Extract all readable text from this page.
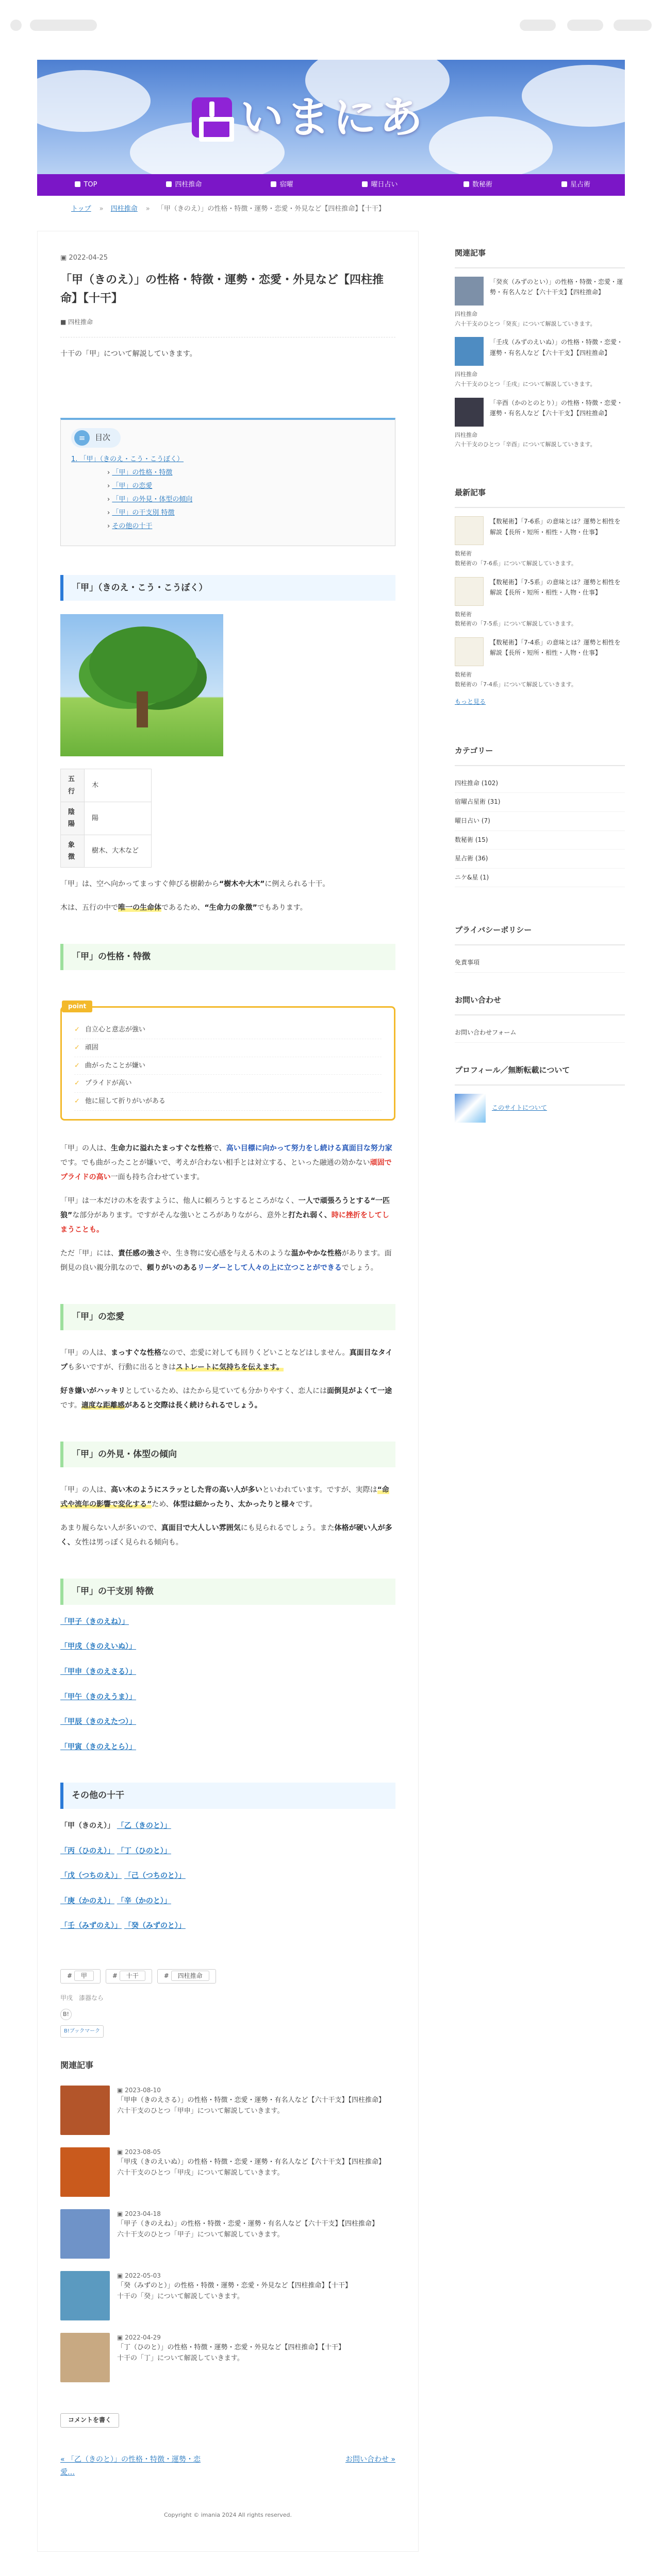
いまにあ
TOP	四柱推命	宿曜	曜日占い	数秘術	星占術
トップ » 四柱推命 » 「甲（きのえ）」の性格・特徴・運勢・恋愛・外見など【四柱推命】【十干】
▣ 2022-04-25
「甲（きのえ）」の性格・特徴・運勢・恋愛・外見など【四柱推命】【十干】
■ 四柱推命

十干の「甲」について解説していきます。

≡	目次
1. 「甲」（きのえ・こう・こうぼく）
› 「甲」の性格・特徴
› 「甲」の恋愛
› 「甲」の外見・体型の傾向
› 「甲」の干支別 特徴
› その他の十干
「甲」（きのえ・こう・こうぼく）
五行	木
陰陽	陽
象徴	樹木、大木など

「甲」は、空へ向かってまっすぐ伸びる樹齢から“樹木や大木”に例えられる十干。

木は、五行の中で唯一の生命体であるため、“生命力の象徴”でもあります。

「甲」の性格・特徴
point
✓ 自立心と意志が強い
✓ 頑固
✓ 曲がったことが嫌い
✓ プライドが高い
✓ 他に屈して折りがいがある

「甲」の人は、生命力に溢れたまっすぐな性格で、高い目標に向かって努力をし続ける真面目な努力家です。でも曲がったことが嫌いで、考えが合わない相手とは対立する、といった融通の効かない頑固でプライドの高い一面も持ち合わせています。

「甲」は一本だけの木を表すように、他人に頼ろうとするところがなく、一人で頑張ろうとする“一匹狼”な部分があります。ですがそんな強いところがありながら、意外と打たれ弱く、時に挫折をしてしまうことも。

ただ「甲」には、責任感の強さや、生き物に安心感を与える木のような温かやかな性格があります。面倒見の良い親分肌なので、頼りがいのあるリーダーとして人々の上に立つことができるでしょう。

「甲」の恋愛

「甲」の人は、まっすぐな性格なので、恋愛に対しても回りくどいことなどはしません。真面目なタイプも多いですが、行動に出るときはストレートに気持ちを伝えます。

好き嫌いがハッキリとしているため、はたから見ていても分かりやすく、恋人には面倒見がよくて一途です。適度な距離感があると交際は長く続けられるでしょう。

「甲」の外見・体型の傾向

「甲」の人は、高い木のようにスラッとした背の高い人が多いといわれています。ですが、実際は“命式や流年の影響で変化する”ため、体型は細かったり、太かったりと様々です。

あまり履らない人が多いので、真面目で大人しい雰囲気にも見られるでしょう。また体格が硬い人が多く、女性は男っぽく見られる傾向も。

「甲」の干支別 特徴
「甲子（きのえね）」
「甲戌（きのえいぬ）」
「甲申（きのえさる）」
「甲午（きのえうま）」
「甲辰（きのえたつ）」
「甲寅（きのえとら）」
その他の十干
「甲（きのえ）」 「乙（きのと）」
「丙（ひのえ）」 「丁（ひのと）」
「戊（つちのえ）」 「己（つちのと）」
「庚（かのえ）」 「辛（かのと）」
「壬（みずのえ）」 「癸（みずのと）」
# 甲	# 十干	# 四柱推命
甲戌　漆器なら
B!
B!ブックマーク
関連記事
▣ 2023-08-10
「甲申（きのえさる）」の性格・特徴・恋愛・運勢・有名人など【六十干支】【四柱推命】
六十干支のひとつ「甲申」について解説していきます。
▣ 2023-08-05
「甲戌（きのえいぬ）」の性格・特徴・恋愛・運勢・有名人など【六十干支】【四柱推命】
六十干支のひとつ「甲戌」について解説していきます。
▣ 2023-04-18
「甲子（きのえね）」の性格・特徴・恋愛・運勢・有名人など【六十干支】【四柱推命】
六十干支のひとつ「甲子」について解説していきます。
▣ 2022-05-03
「癸（みずのと）」の性格・特徴・運勢・恋愛・外見など【四柱推命】【十干】
十干の「癸」について解説していきます。
▣ 2022-04-29
「丁（ひのと）」の性格・特徴・運勢・恋愛・外見など【四柱推命】【十干】
十干の「丁」について解説していきます。
コメントを書く
« 「乙（きのと）」の性格・特徴・運勢・恋愛…
お問い合わせ »
Copyright © imania 2024 All rights reserved.
関連記事
「癸亥（みずのとい）」の性格・特徴・恋愛・運勢・有名人など【六十干支】【四柱推命】
四柱推命
六十干支のひとつ「癸亥」について解説していきます。
「壬戌（みずのえいぬ）」の性格・特徴・恋愛・運勢・有名人など【六十干支】【四柱推命】
四柱推命
六十干支のひとつ「壬戌」について解説していきます。
「辛酉（かのとのとり）」の性格・特徴・恋愛・運勢・有名人など【六十干支】【四柱推命】
四柱推命
六十干支のひとつ「辛酉」について解説していきます。
最新記事
【数秘術】「7-6系」の意味とは？運勢と相性を解説【長所・短所・相性・人物・仕事】
数秘術
数秘術の「7-6系」について解説していきます。
【数秘術】「7-5系」の意味とは？運勢と相性を解説【長所・短所・相性・人物・仕事】
数秘術
数秘術の「7-5系」について解説していきます。
【数秘術】「7-4系」の意味とは？運勢と相性を解説【長所・短所・相性・人物・仕事】
数秘術
数秘術の「7-4系」について解説していきます。
もっと見る
カテゴリー
四柱推命 (102)
宿曜占星術 (31)
曜日占い (7)
数秘術 (15)
星占術 (36)
ニケ&星 (1)
プライバシーポリシー
免責事項
お問い合わせ
お問い合わせフォーム
プロフィール／無断転載について
このサイトについて
